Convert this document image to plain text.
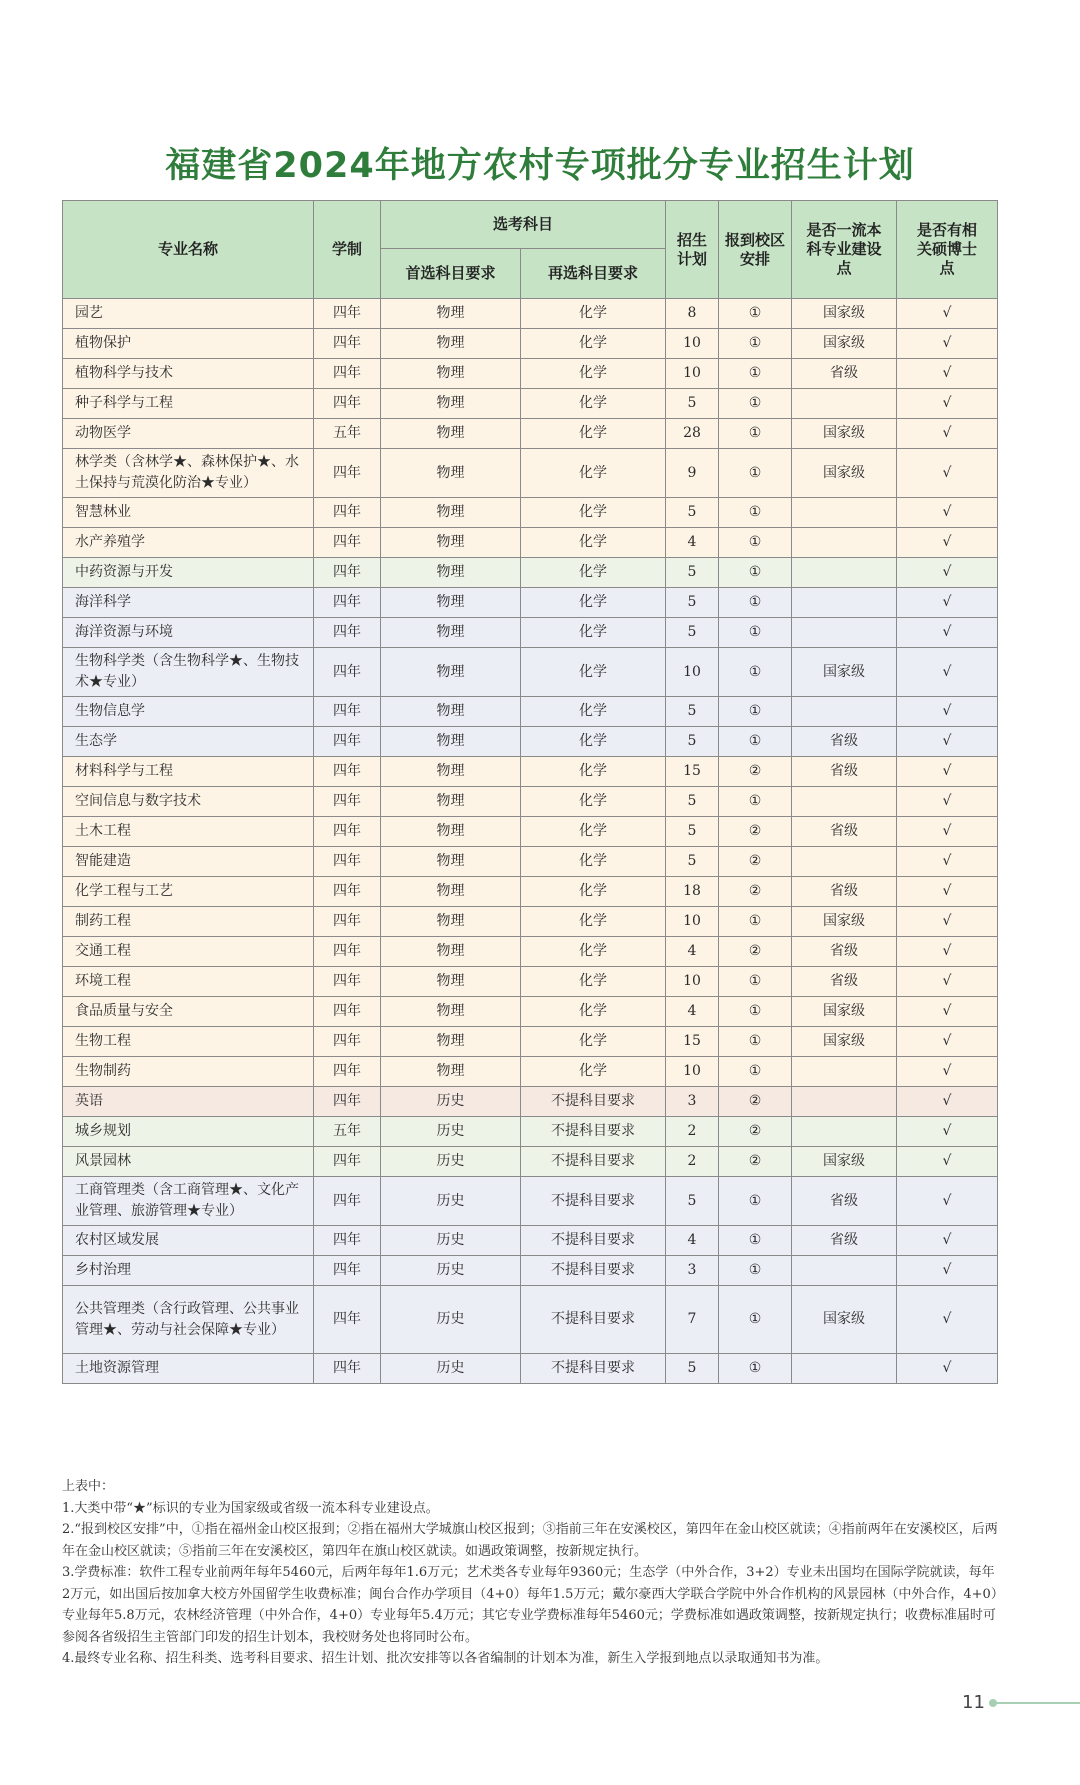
福建省2024年地方农村专项批分专业招生计划
专业名称	学制	选考科目		招生计划	报到校区安排	是否一流本科专业建设点	是否有相关硕博士点

		首选科目要求	再选科目要求				
园艺	四年	物理	化学	8	①	国家级	√
植物保护	四年	物理	化学	10	①	国家级	√
植物科学与技术	四年	物理	化学	10	①	省级	√
种子科学与工程	四年	物理	化学	5	①		√
动物医学	五年	物理	化学	28	①	国家级	√
林学类（含林学★、森林保护★、水土保持与荒漠化防治★专业）	四年	物理	化学	9	①	国家级	√
智慧林业	四年	物理	化学	5	①		√
水产养殖学	四年	物理	化学	4	①		√
中药资源与开发	四年	物理	化学	5	①		√
海洋科学	四年	物理	化学	5	①		√
海洋资源与环境	四年	物理	化学	5	①		√
生物科学类（含生物科学★、生物技术★专业）	四年	物理	化学	10	①	国家级	√
生物信息学	四年	物理	化学	5	①		√
生态学	四年	物理	化学	5	①	省级	√
材料科学与工程	四年	物理	化学	15	②	省级	√
空间信息与数字技术	四年	物理	化学	5	①		√
土木工程	四年	物理	化学	5	②	省级	√
智能建造	四年	物理	化学	5	②		√
化学工程与工艺	四年	物理	化学	18	②	省级	√
制药工程	四年	物理	化学	10	①	国家级	√
交通工程	四年	物理	化学	4	②	省级	√
环境工程	四年	物理	化学	10	①	省级	√
食品质量与安全	四年	物理	化学	4	①	国家级	√
生物工程	四年	物理	化学	15	①	国家级	√
生物制药	四年	物理	化学	10	①		√
英语	四年	历史	不提科目要求	3	②		√
城乡规划	五年	历史	不提科目要求	2	②		√
风景园林	四年	历史	不提科目要求	2	②	国家级	√
工商管理类（含工商管理★、文化产业管理、旅游管理★专业）	四年	历史	不提科目要求	5	①	省级	√
农村区域发展	四年	历史	不提科目要求	4	①	省级	√
乡村治理	四年	历史	不提科目要求	3	①		√
公共管理类（含行政管理、公共事业管理★、劳动与社会保障★专业）	四年	历史	不提科目要求	7	①	国家级	√
土地资源管理	四年	历史	不提科目要求	5	①		√

上表中：

1.大类中带“★”标识的专业为国家级或省级一流本科专业建设点。

2.“报到校区安排”中，①指在福州金山校区报到；②指在福州大学城旗山校区报到；③指前三年在安溪校区，第四年在金山校区就读；④指前两年在安溪校区，后两年在金山校区就读；⑤指前三年在安溪校区，第四年在旗山校区就读。如遇政策调整，按新规定执行。

3.学费标准：软件工程专业前两年每年5460元，后两年每年1.6万元；艺术类各专业每年9360元；生态学（中外合作，3+2）专业未出国均在国际学院就读，每年2万元，如出国后按加拿大校方外国留学生收费标准；闽台合作办学项目（4+0）每年1.5万元；戴尔豪西大学联合学院中外合作机构的风景园林（中外合作，4+0）专业每年5.8万元，农林经济管理（中外合作，4+0）专业每年5.4万元；其它专业学费标准每年5460元；学费标准如遇政策调整，按新规定执行；收费标准届时可参阅各省级招生主管部门印发的招生计划本，我校财务处也将同时公布。

4.最终专业名称、招生科类、选考科目要求、招生计划、批次安排等以各省编制的计划本为准，新生入学报到地点以录取通知书为准。

11
